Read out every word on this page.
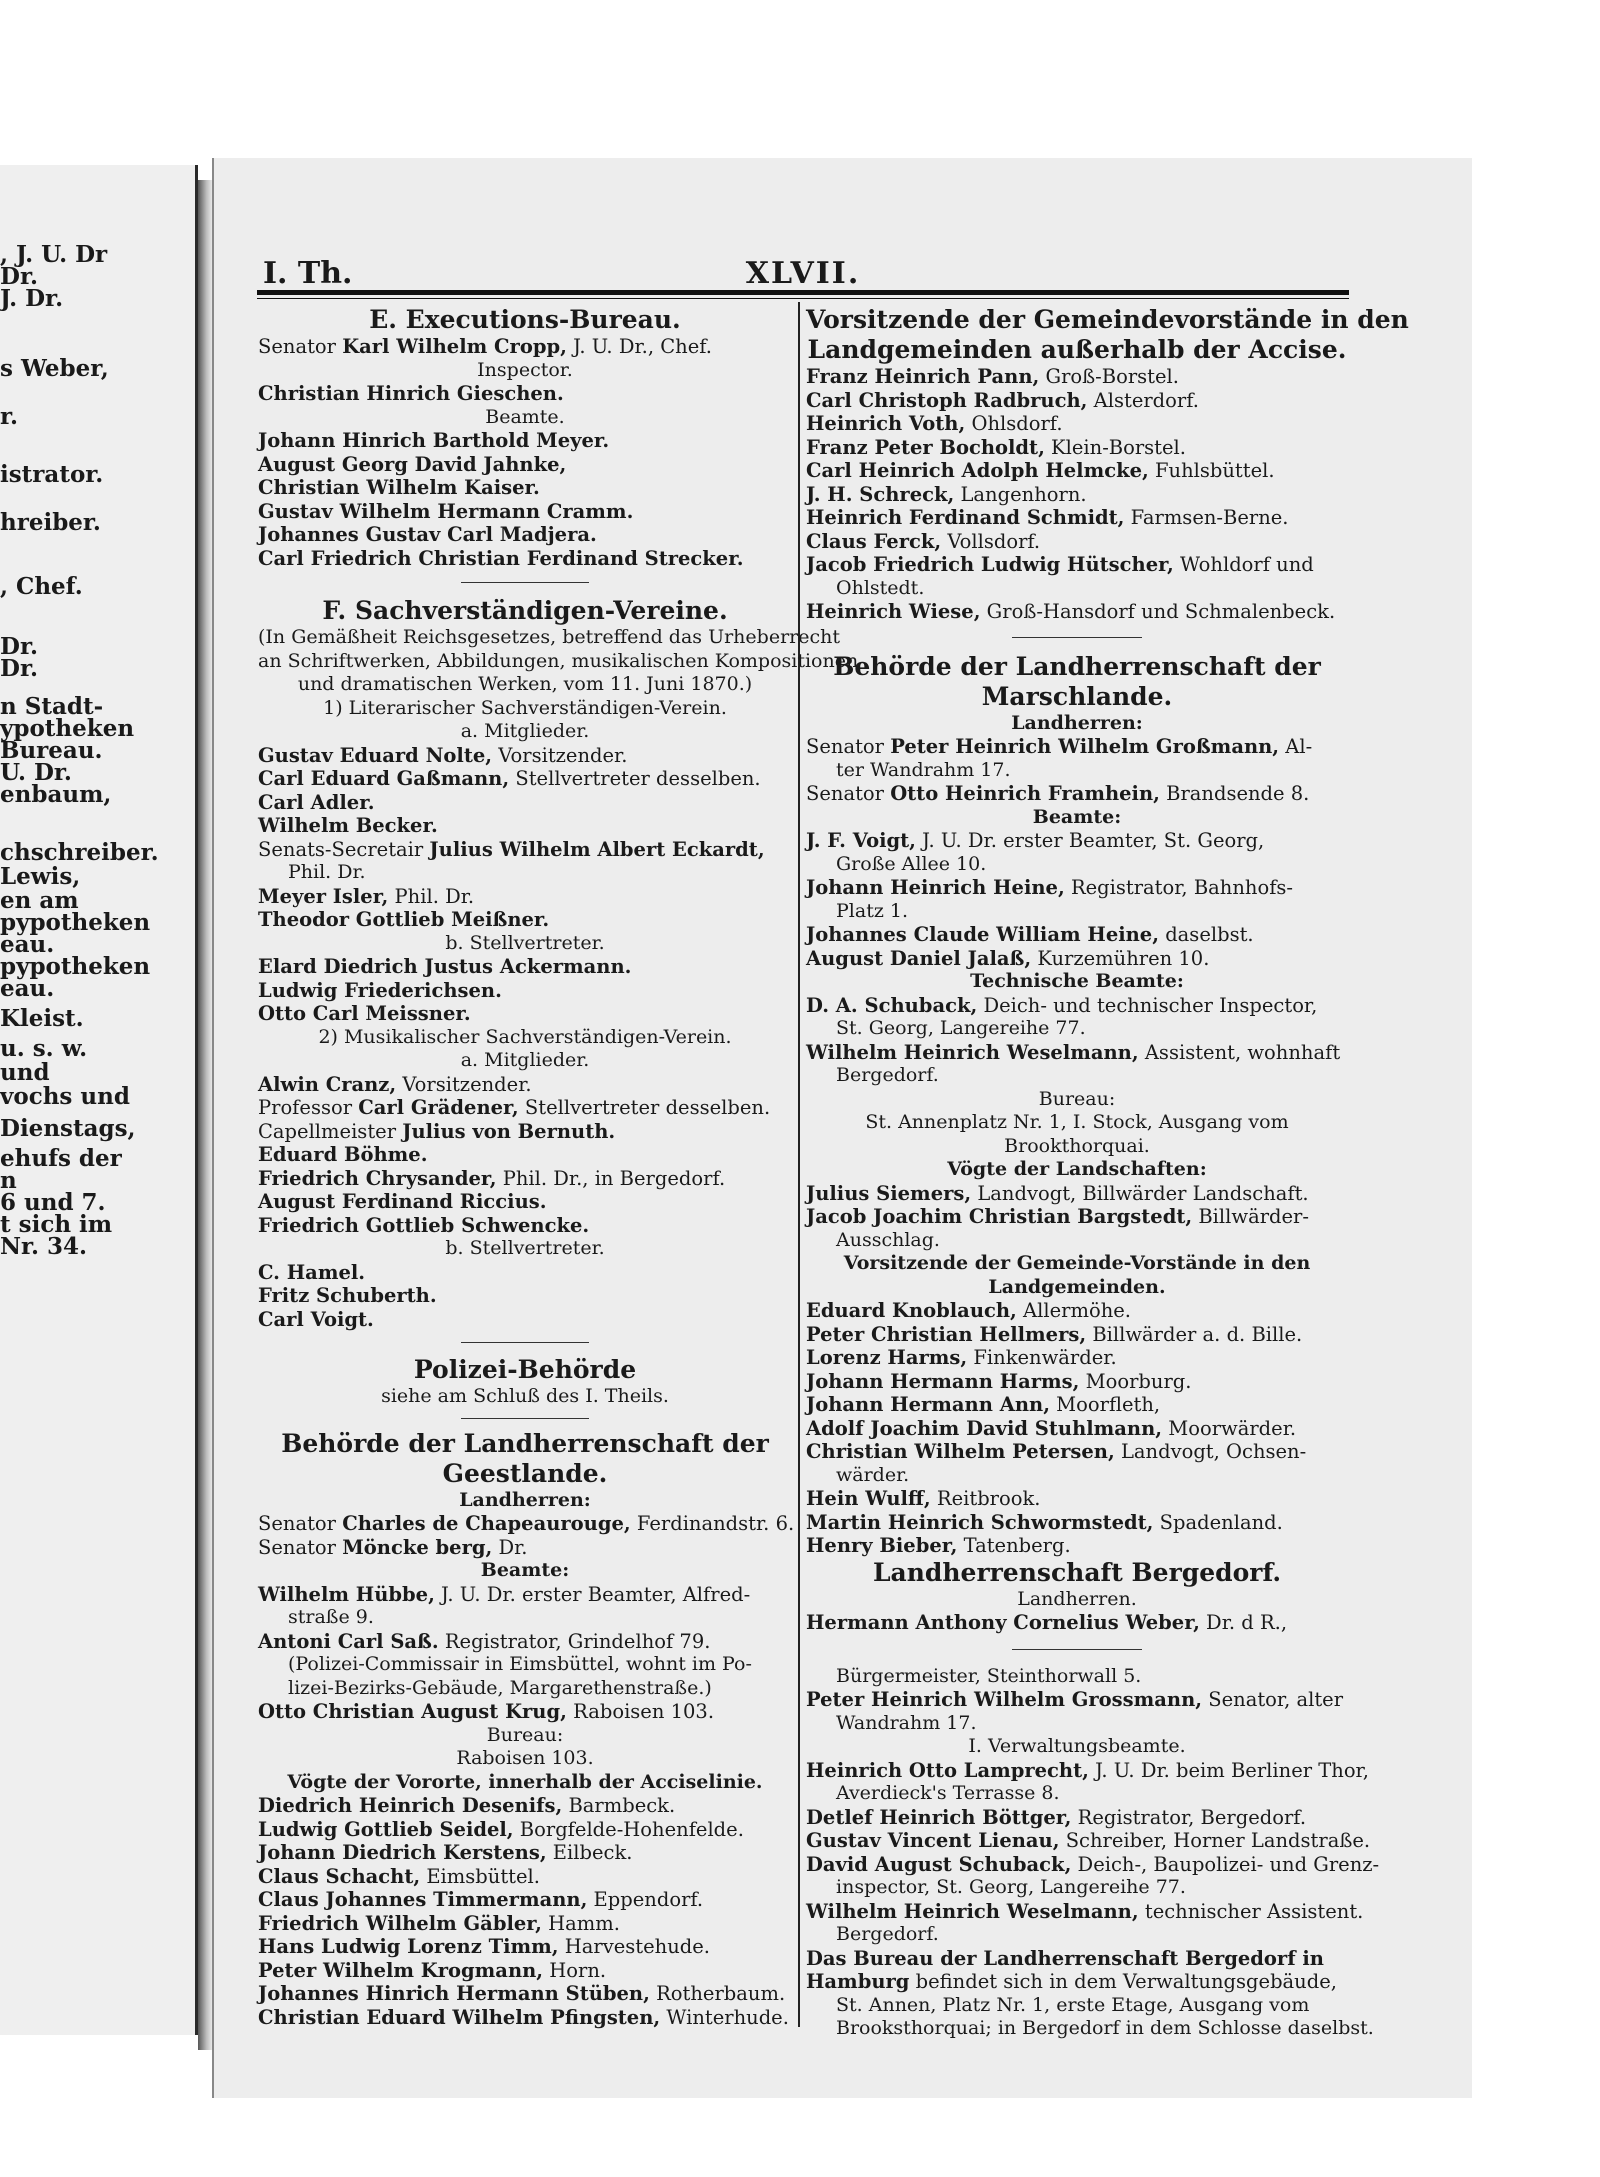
, J. U. Dr
Dr.
J. Dr.
s Weber,
r.
istrator.
hreiber.
, Chef.
Dr.
Dr.
n Stadt-
ypotheken
Bureau.
U. Dr.
enbaum,
chschreiber.
Lewis,
en am
pypotheken
eau.
pypotheken
eau.
Kleist.
u. s. w.
und
vochs und
Dienstags,
ehufs der
n
6 und 7.
t sich im
Nr. 34.
I. Th.	XLVII.
E. Executions-Bureau.
Senator Karl Wilhelm Cropp, J. U. Dr., Chef.
Inspector.
Christian Hinrich Gieschen.
Beamte.
Johann Hinrich Barthold Meyer.
August Georg David Jahnke,
Christian Wilhelm Kaiser.
Gustav Wilhelm Hermann Cramm.
Johannes Gustav Carl Madjera.
Carl Friedrich Christian Ferdinand Strecker.
F. Sachverständigen-Vereine.
(In Gemäßheit Reichsgesetzes, betreffend das Urheberrecht
an Schriftwerken, Abbildungen, musikalischen Kompositionen
und dramatischen Werken, vom 11. Juni 1870.)
1) Literarischer Sachverständigen-Verein.
a. Mitglieder.
Gustav Eduard Nolte, Vorsitzender.
Carl Eduard Gaßmann, Stellvertreter desselben.
Carl Adler.
Wilhelm Becker.
Senats-Secretair Julius Wilhelm Albert Eckardt,
Phil. Dr.
Meyer Isler, Phil. Dr.
Theodor Gottlieb Meißner.
b. Stellvertreter.
Elard Diedrich Justus Ackermann.
Ludwig Friederichsen.
Otto Carl Meissner.
2) Musikalischer Sachverständigen-Verein.
a. Mitglieder.
Alwin Cranz, Vorsitzender.
Professor Carl Grädener, Stellvertreter desselben.
Capellmeister Julius von Bernuth.
Eduard Böhme.
Friedrich Chrysander, Phil. Dr., in Bergedorf.
August Ferdinand Riccius.
Friedrich Gottlieb Schwencke.
b. Stellvertreter.
C. Hamel.
Fritz Schuberth.
Carl Voigt.
Polizei-Behörde
siehe am Schluß des I. Theils.
Behörde der Landherrenschaft der
Geestlande.
Landherren:
Senator Charles de Chapeaurouge, Ferdinandstr. 6.
Senator Möncke berg, Dr.
Beamte:
Wilhelm Hübbe, J. U. Dr. erster Beamter, Alfred-
straße 9.
Antoni Carl Saß. Registrator, Grindelhof 79.
(Polizei-Commissair in Eimsbüttel, wohnt im Po-
lizei-Bezirks-Gebäude, Margarethenstraße.)
Otto Christian August Krug, Raboisen 103.
Bureau:
Raboisen 103.
Vögte der Vororte, innerhalb der Acciselinie.
Diedrich Heinrich Desenifs, Barmbeck.
Ludwig Gottlieb Seidel, Borgfelde-Hohenfelde.
Johann Diedrich Kerstens, Eilbeck.
Claus Schacht, Eimsbüttel.
Claus Johannes Timmermann, Eppendorf.
Friedrich Wilhelm Gäbler, Hamm.
Hans Ludwig Lorenz Timm, Harvestehude.
Peter Wilhelm Krogmann, Horn.
Johannes Hinrich Hermann Stüben, Rotherbaum.
Christian Eduard Wilhelm Pfingsten, Winterhude.
Vorsitzende der Gemeindevorstände in den
Landgemeinden außerhalb der Accise.
Franz Heinrich Pann, Groß-Borstel.
Carl Christoph Radbruch, Alsterdorf.
Heinrich Voth, Ohlsdorf.
Franz Peter Bocholdt, Klein-Borstel.
Carl Heinrich Adolph Helmcke, Fuhlsbüttel.
J. H. Schreck, Langenhorn.
Heinrich Ferdinand Schmidt, Farmsen-Berne.
Claus Ferck, Vollsdorf.
Jacob Friedrich Ludwig Hütscher, Wohldorf und
Ohlstedt.
Heinrich Wiese, Groß-Hansdorf und Schmalenbeck.
Behörde der Landherrenschaft der
Marschlande.
Landherren:
Senator Peter Heinrich Wilhelm Großmann, Al-
ter Wandrahm 17.
Senator Otto Heinrich Framhein, Brandsende 8.
Beamte:
J. F. Voigt, J. U. Dr. erster Beamter, St. Georg,
Große Allee 10.
Johann Heinrich Heine, Registrator, Bahnhofs-
Platz 1.
Johannes Claude William Heine, daselbst.
August Daniel Jalaß, Kurzemühren 10.
Technische Beamte:
D. A. Schuback, Deich- und technischer Inspector,
St. Georg, Langereihe 77.
Wilhelm Heinrich Weselmann, Assistent, wohnhaft
Bergedorf.
Bureau:
St. Annenplatz Nr. 1, I. Stock, Ausgang vom
Brookthorquai.
Vögte der Landschaften:
Julius Siemers, Landvogt, Billwärder Landschaft.
Jacob Joachim Christian Bargstedt, Billwärder-
Ausschlag.
Vorsitzende der Gemeinde-Vorstände in den
Landgemeinden.
Eduard Knoblauch, Allermöhe.
Peter Christian Hellmers, Billwärder a. d. Bille.
Lorenz Harms, Finkenwärder.
Johann Hermann Harms, Moorburg.
Johann Hermann Ann, Moorfleth,
Adolf Joachim David Stuhlmann, Moorwärder.
Christian Wilhelm Petersen, Landvogt, Ochsen-
wärder.
Hein Wulff, Reitbrook.
Martin Heinrich Schwormstedt, Spadenland.
Henry Bieber, Tatenberg.
Landherrenschaft Bergedorf.
Landherren.
Hermann Anthony Cornelius Weber, Dr. d R.,
Bürgermeister, Steinthorwall 5.
Peter Heinrich Wilhelm Grossmann, Senator, alter
Wandrahm 17.
I. Verwaltungsbeamte.
Heinrich Otto Lamprecht, J. U. Dr. beim Berliner Thor,
Averdieck's Terrasse 8.
Detlef Heinrich Böttger, Registrator, Bergedorf.
Gustav Vincent Lienau, Schreiber, Horner Landstraße.
David August Schuback, Deich-, Baupolizei- und Grenz-
inspector, St. Georg, Langereihe 77.
Wilhelm Heinrich Weselmann, technischer Assistent.
Bergedorf.
Das Bureau der Landherrenschaft Bergedorf in
Hamburg befindet sich in dem Verwaltungsgebäude,
St. Annen, Platz Nr. 1, erste Etage, Ausgang vom
Brooksthorquai; in Bergedorf in dem Schlosse daselbst.
